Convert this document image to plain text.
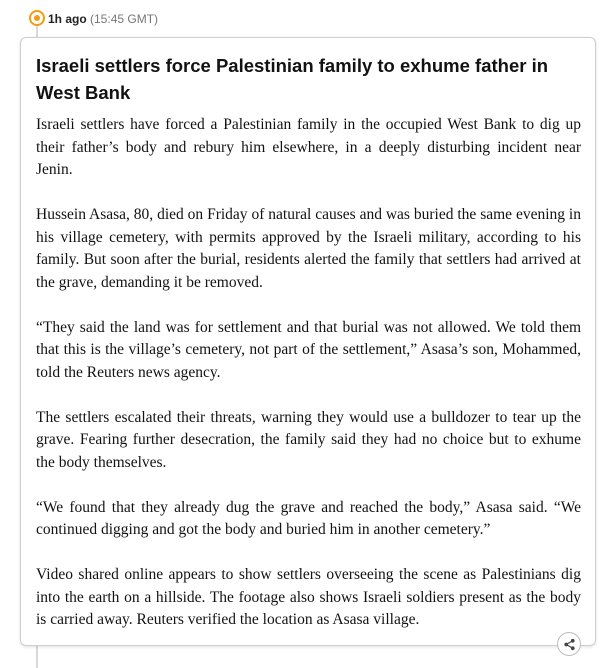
1h ago (15:45 GMT)
Israeli settlers force Palestinian family to exhume father in West Bank

Israeli settlers have forced a Palestinian family in the occupied West Bank to dig up their father’s body and rebury him elsewhere, in a deeply disturbing incident near Jenin.

Hussein Asasa, 80, died on Friday of natural causes and was buried the same evening in his village cemetery, with permits approved by the Israeli military, according to his family. But soon after the burial, residents alerted the family that settlers had arrived at the grave, demanding it be removed.

“They said the land was for settlement and that burial was not allowed. We told them that this is the village’s cemetery, not part of the settlement,” Asasa’s son, Mohammed, told the Reuters news agency.

The settlers escalated their threats, warning they would use a bulldozer to tear up the grave. Fearing further desecration, the family said they had no choice but to exhume the body themselves.

“We found that they already dug the grave and reached the body,” Asasa said. “We continued digging and got the body and buried him in another cemetery.”

Video shared online appears to show settlers overseeing the scene as Palestinians dig into the earth on a hillside. The footage also shows Israeli soldiers present as the body is carried away. Reuters verified the location as Asasa village.
